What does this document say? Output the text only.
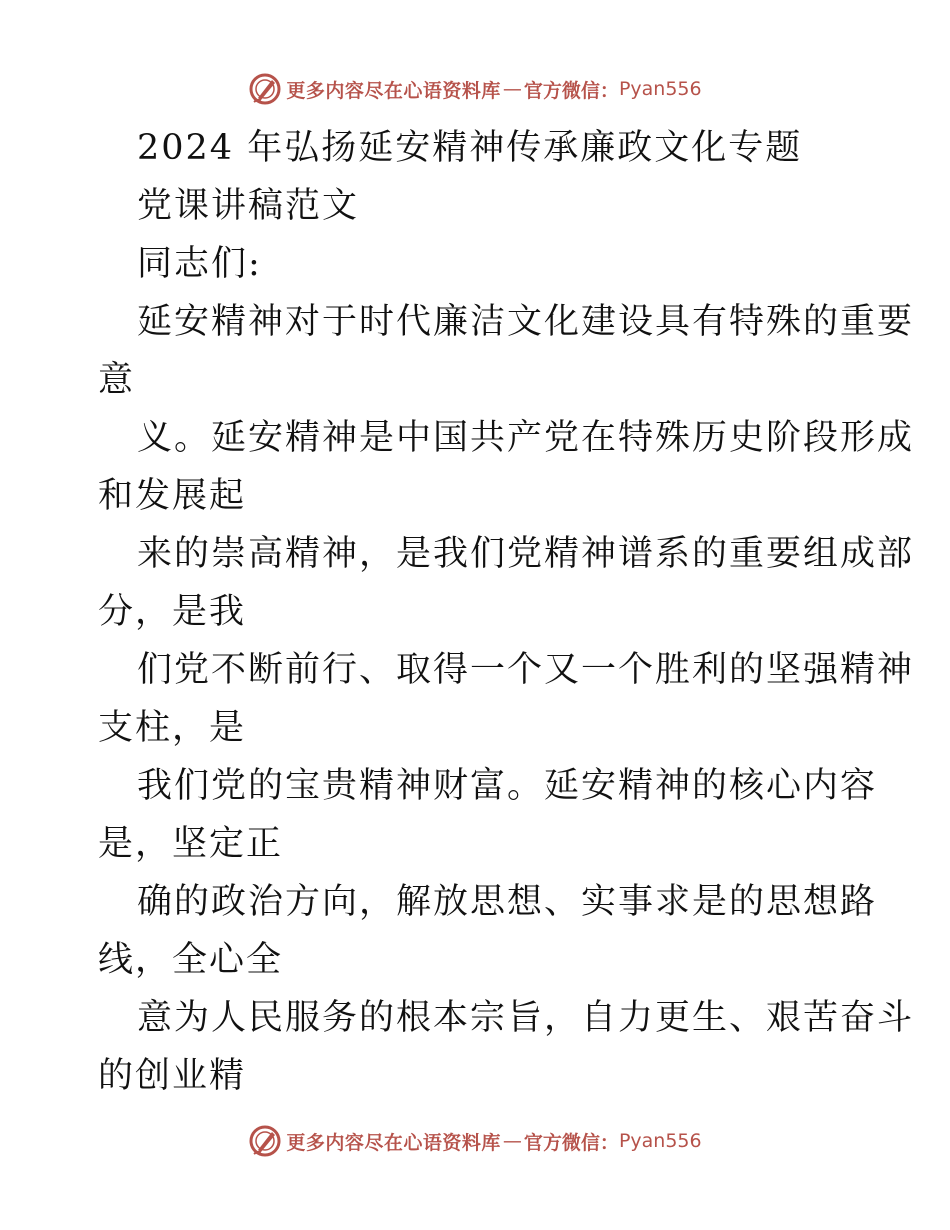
更多内容尽在心语资料库 — 官方微信： Pyan556
2024 年弘扬延安精神传承廉政文化专题
党课讲稿范文
同志们:
延安精神对于时代廉洁文化建设具有特殊的重要
意
义。延安精神是中国共产党在特殊历史阶段形成
和发展起
来的崇高精神，是我们党精神谱系的重要组成部
分，是我
们党不断前行、取得一个又一个胜利的坚强精神
支柱，是
我们党的宝贵精神财富。延安精神的核心内容
是，坚定正
确的政治方向，解放思想、实事求是的思想路
线，全心全
意为人民服务的根本宗旨，自力更生、艰苦奋斗
的创业精
更多内容尽在心语资料库 — 官方微信： Pyan556
